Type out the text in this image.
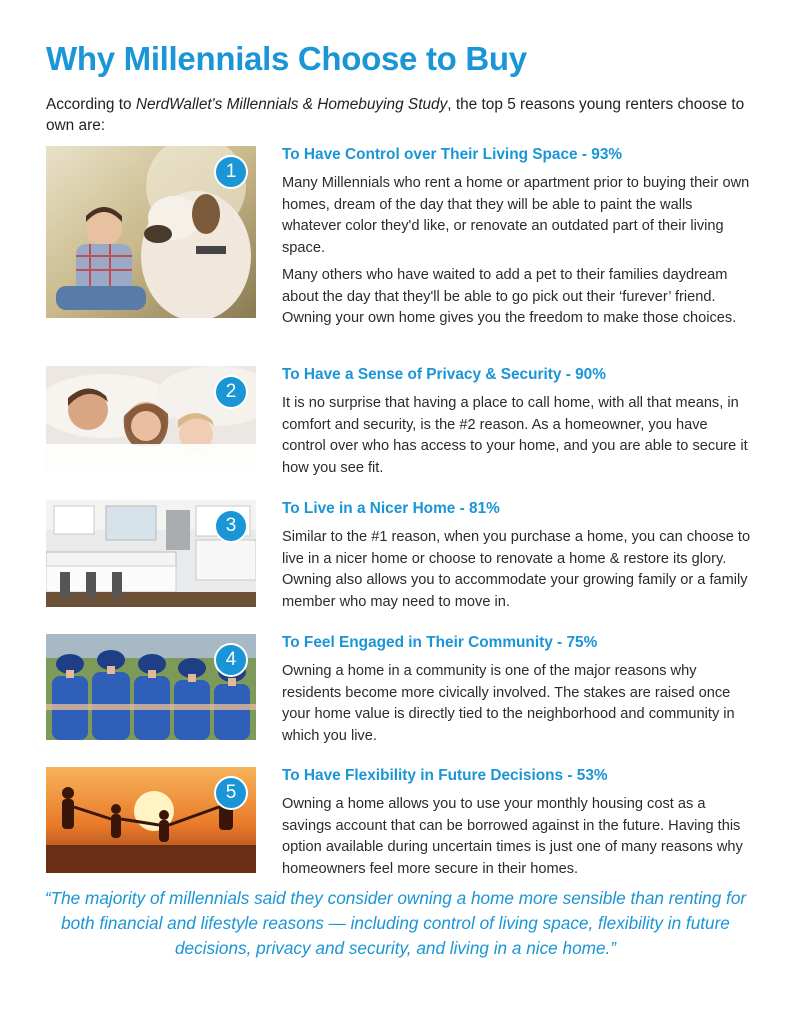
Why Millennials Choose to Buy
According to NerdWallet's Millennials & Homebuying Study, the top 5 reasons young renters choose to own are:
1
To Have Control over Their Living Space - 93%

Many Millennials who rent a home or apartment prior to buying their own homes, dream of the day that they will be able to paint the walls whatever color they'd like, or renovate an outdated part of their living space.

Many others who have waited to add a pet to their families daydream about the day that they'll be able to go pick out their ‘furever’ friend. Owning your own home gives you the freedom to make those choices.

2
To Have a Sense of Privacy & Security - 90%

It is no surprise that having a place to call home, with all that means, in comfort and security, is the #2 reason. As a homeowner, you have control over who has access to your home, and you are able to secure it how you see fit.

3
To Live in a Nicer Home - 81%

Similar to the #1 reason, when you purchase a home, you can choose to live in a nicer home or choose to renovate a home & restore its glory. Owning also allows you to accommodate your growing family or a family member who may need to move in.

4
To Feel Engaged in Their Community - 75%

Owning a home in a community is one of the major reasons why residents become more civically involved. The stakes are raised once your home value is directly tied to the neighborhood and community in which you live.

5
To Have Flexibility in Future Decisions - 53%

Owning a home allows you to use your monthly housing cost as a savings account that can be borrowed against in the future. Having this option available during uncertain times is just one of many reasons why homeowners feel more secure in their homes.

“The majority of millennials said they consider owning a home more sensible than renting for both financial and lifestyle reasons — including control of living space, flexibility in future decisions, privacy and security, and living in a nice home.”
